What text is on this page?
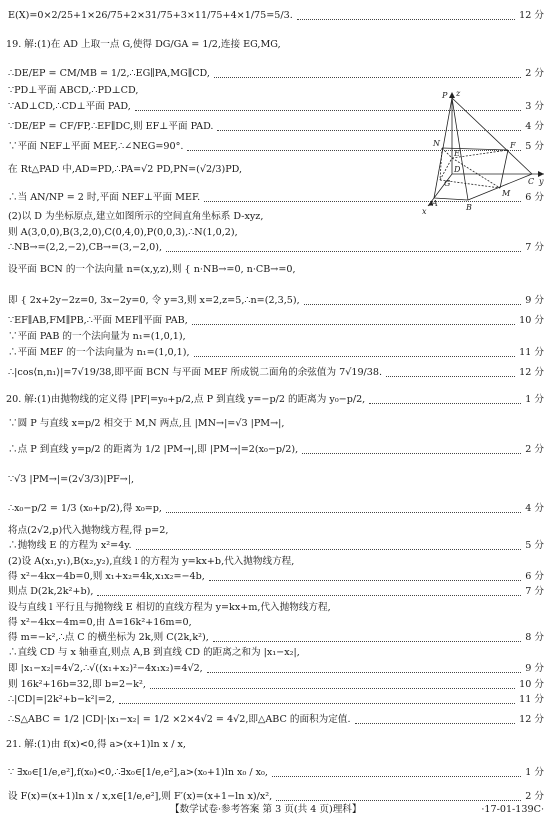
E(X)=0×2/25+1×26/75+2×31/75+3×11/75+4×1/75=5/3.	12 分
19. 解:(1)在 AD 上取一点 G,使得 DG/GA = 1/2,连接 EG,MG,
∴DE/EP = CM/MB = 1/2,∴EG∥PA,MG∥CD,	2 分
∵PD⊥平面 ABCD,∴PD⊥CD,
∵AD⊥CD,∴CD⊥平面 PAD,	3 分
∵DE/EP = CF/FP,∴EF∥DC,则 EF⊥平面 PAD.	4 分
∵平面 NEF⊥平面 MEF,∴∠NEG=90°.	5 分
在 Rt△PAD 中,AD=PD,∴PA=√2 PD,PN=(√2/3)PD,
∴当 AN/NP = 2 时,平面 NEF⊥平面 MEF.	6 分
(2)以 D 为坐标原点,建立如图所示的空间直角坐标系 D-xyz,
则 A(3,0,0),B(3,2,0),C(0,4,0),P(0,0,3),∴N(1,0,2),
∴NB→=(2,2,−2),CB→=(3,−2,0),	7 分
设平面 BCN 的一个法向量 n=(x,y,z),则 { n·NB→=0, n·CB→=0,
即 { 2x+2y−2z=0, 3x−2y=0, 令 y=3,则 x=2,z=5,∴n=(2,3,5),	9 分
∵EF∥AB,FM∥PB,∴平面 MEF∥平面 PAB,	10 分
∵平面 PAB 的一个法向量为 n₁=(1,0,1),
∴平面 MEF 的一个法向量为 n₁=(1,0,1),	11 分
∴|cos⟨n,n₁⟩|=7√19/38,即平面 BCN 与平面 MEF 所成锐二面角的余弦值为 7√19/38.	12 分
20. 解:(1)由抛物线的定义得 |PF|=y₀+p/2,点 P 到直线 y=−p/2 的距离为 y₀−p/2,	1 分
∵圆 P 与直线 x=p/2 相交于 M,N 两点,且 |MN→|=√3 |PM→|,
∴点 P 到直线 y=p/2 的距离为 1/2 |PM→|,即 |PM→|=2(x₀−p/2),	2 分
∵√3 |PM→|=(2√3/3)|PF→|,
∴x₀−p/2 = 1/3 (x₀+p/2),得 x₀=p,	4 分
将点(2√2,p)代入抛物线方程,得 p=2,
∴抛物线 E 的方程为 x²=4y.	5 分
(2)设 A(x₁,y₁),B(x₂,y₂),直线 l 的方程为 y=kx+b,代入抛物线方程,
得 x²−4kx−4b=0,则 x₁+x₂=4k,x₁x₂=−4b,	6 分
则点 D(2k,2k²+b),	7 分
设与直线 l 平行且与抛物线 E 相切的直线方程为 y=kx+m,代入抛物线方程,
得 x²−4kx−4m=0,由 Δ=16k²+16m=0,
得 m=−k²,∴点 C 的横坐标为 2k,则 C(2k,k²),	8 分
∴直线 CD 与 x 轴垂直,则点 A,B 到直线 CD 的距离之和为 |x₁−x₂|,
即 |x₁−x₂|=4√2,∴√((x₁+x₂)²−4x₁x₂)=4√2,	9 分
则 16k²+16b=32,即 b=2−k²,	10 分
∴|CD|=|2k²+b−k²|=2,	11 分
∴S△ABC = 1/2 |CD|·|x₁−x₂| = 1/2 ×2×4√2 = 4√2,即△ABC 的面积为定值.	12 分
21. 解:(1)由 f(x)<0,得 a>(x+1)ln x / x,
∵ ∃x₀∈[1/e,e²],f(x₀)<0,∴∃x₀∈[1/e,e²],a>(x₀+1)ln x₀ / x₀,	1 分
设 F(x)=(x+1)ln x / x,x∈[1/e,e²],则 F′(x)=(x+1−ln x)/x²,	2 分
P z
N
E
F
G
D
C y
M
A	B
x
【数学试卷·参考答案 第 3 页(共 4 页)理科】	·17-01-139C·
